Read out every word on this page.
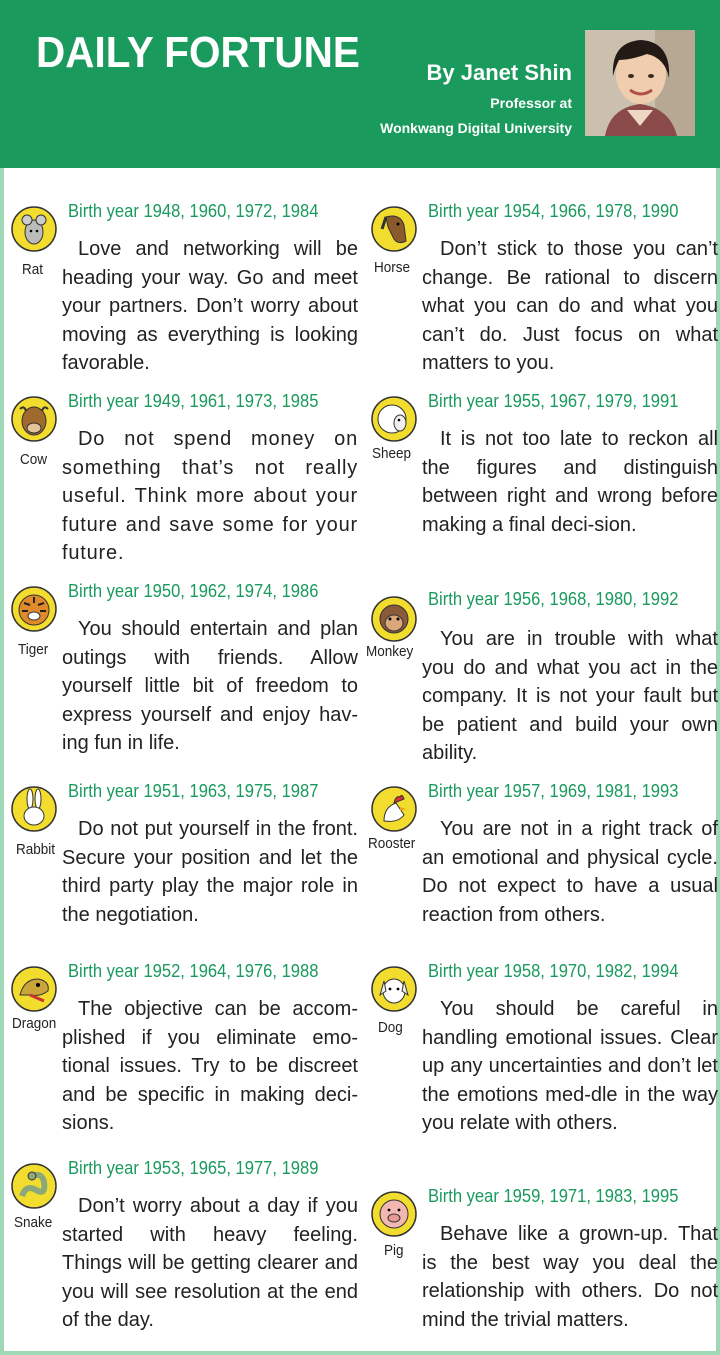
DAILY FORTUNE	By Janet Shin
Professor at
Wonkwang Digital University
Rat
Birth year 1948, 1960, 1972, 1984
Love and networking will be heading your way. Go and meet your partners. Don’t worry about moving as everything is looking favorable.
Cow
Birth year 1949, 1961, 1973, 1985
Do not spend money on something that’s not really useful. Think more about your future and save some for your future.
Tiger
Birth year 1950, 1962, 1974, 1986
You should entertain and plan outings with friends. Allow yourself little bit of freedom to express yourself and enjoy hav-ing fun in life.
Rabbit
Birth year 1951, 1963, 1975, 1987
Do not put yourself in the front. Secure your position and let the third party play the major role in the negotiation.
Dragon
Birth year 1952, 1964, 1976, 1988
The objective can be accom-plished if you eliminate emo-tional issues. Try to be discreet and be specific in making deci-sions.
Snake
Birth year 1953, 1965, 1977, 1989
Don’t worry about a day if you started with heavy feeling. Things will be getting clearer and you will see resolution at the end of the day.
Horse
Birth year 1954, 1966, 1978, 1990
Don’t stick to those you can’t change. Be rational to discern what you can do and what you can’t do. Just focus on what matters to you.
Sheep
Birth year 1955, 1967, 1979, 1991
It is not too late to reckon all the figures and distinguish between right and wrong before making a final deci-sion.
Monkey
Birth year 1956, 1968, 1980, 1992
You are in trouble with what you do and what you act in the company. It is not your fault but be patient and build your own ability.
Rooster
Birth year 1957, 1969, 1981, 1993
You are not in a right track of an emotional and physical cycle. Do not expect to have a usual reaction from others.
Dog
Birth year 1958, 1970, 1982, 1994
You should be careful in handling emotional issues. Clear up any uncertainties and don’t let the emotions med-dle in the way you relate with others.
Pig
Birth year 1959, 1971, 1983, 1995
Behave like a grown-up. That is the best way you deal the relationship with others. Do not mind the trivial matters.
